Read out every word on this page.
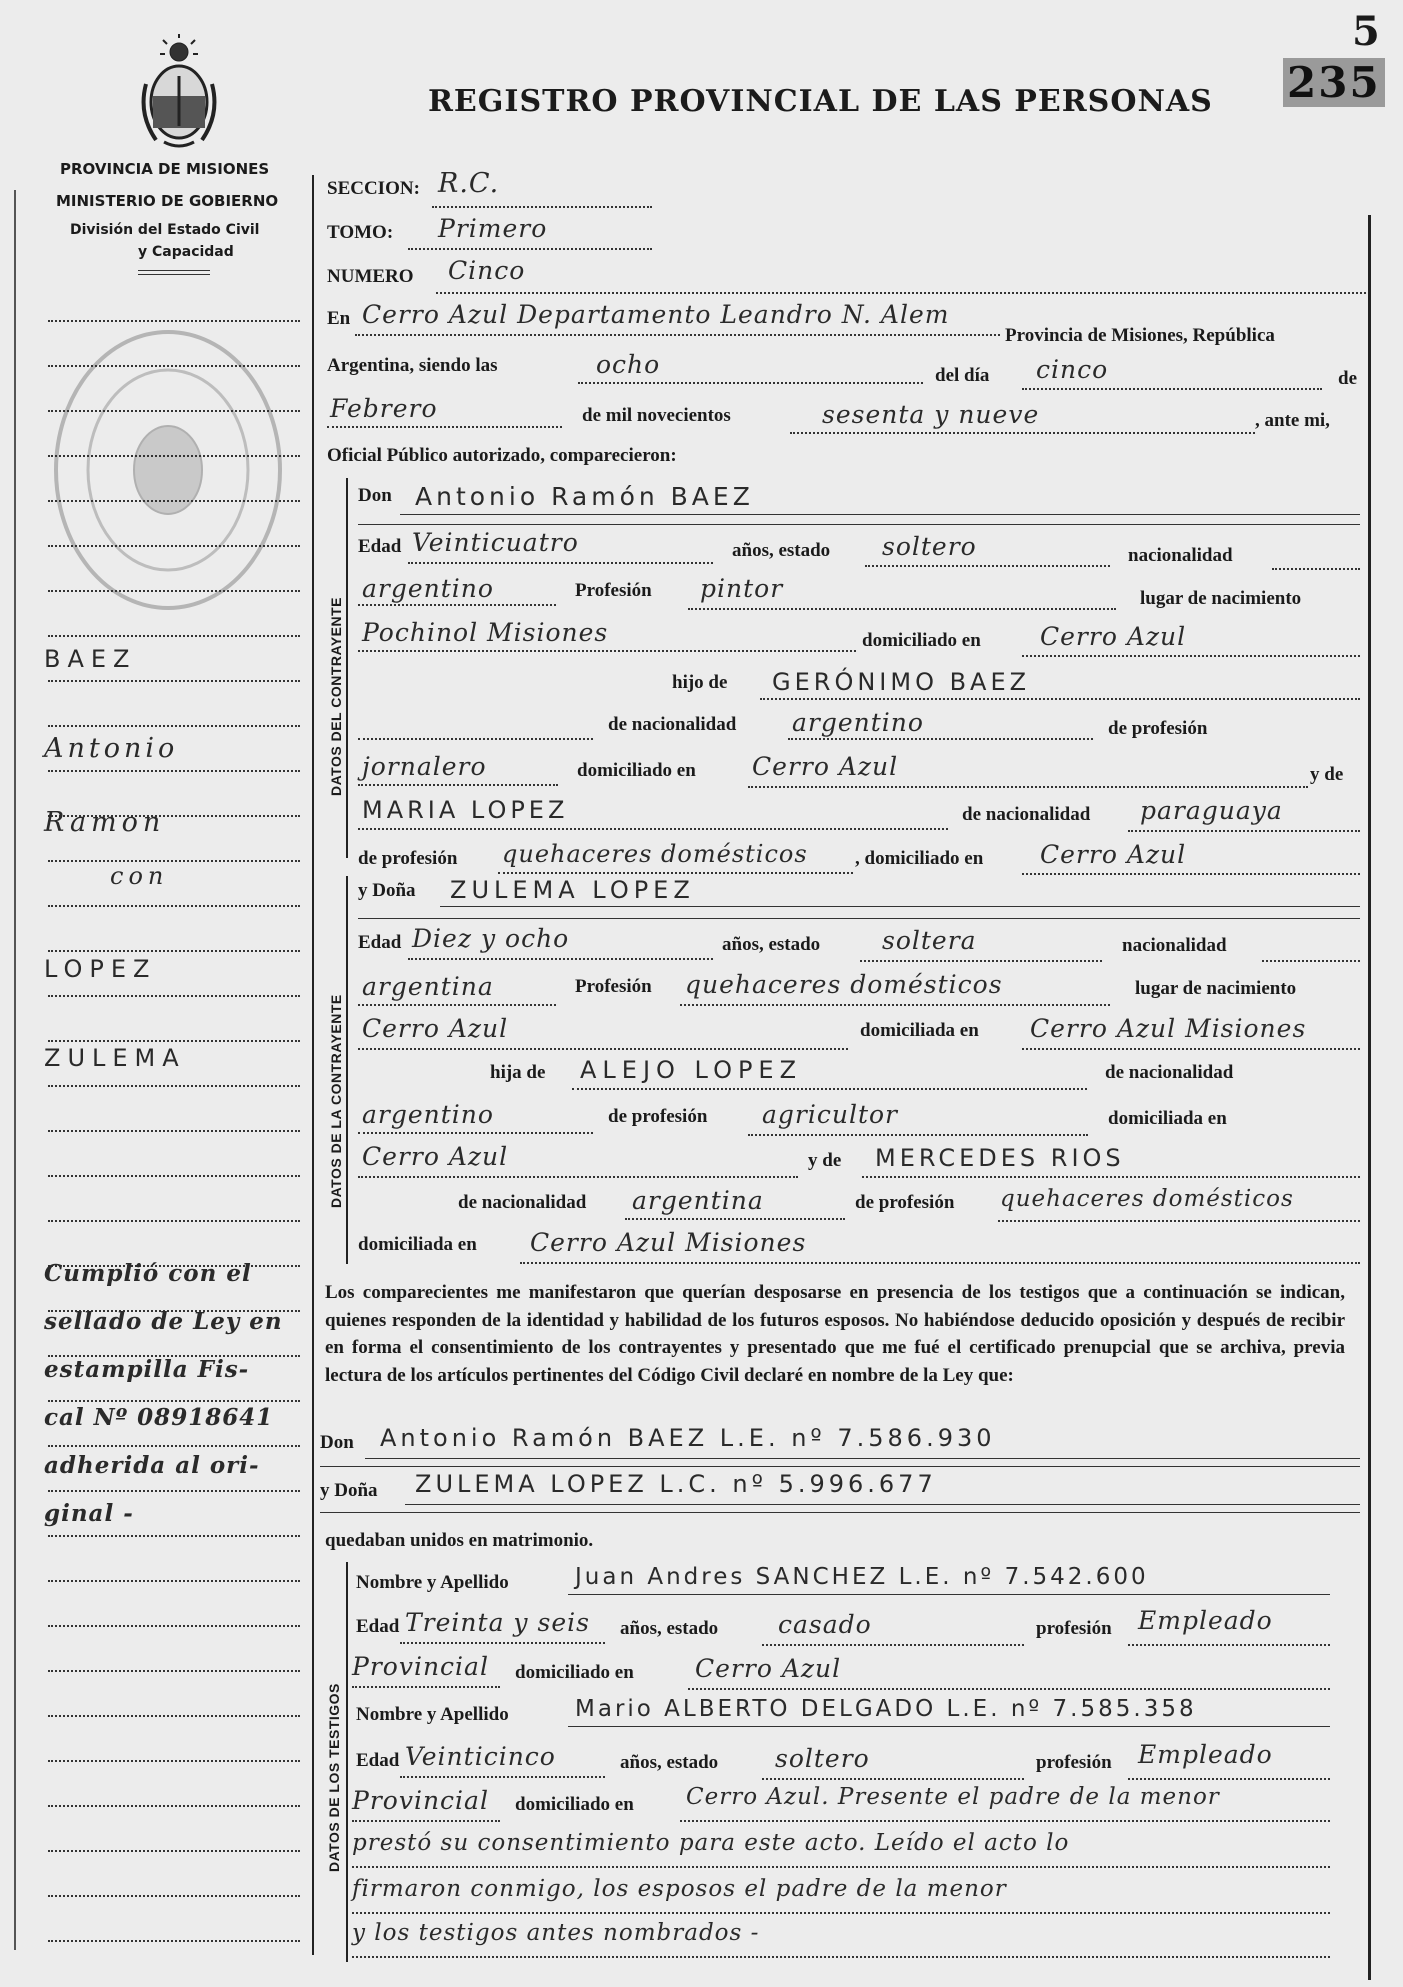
5
235
REGISTRO PROVINCIAL DE LAS PERSONAS
PROVINCIA DE MISIONES
MINISTERIO DE GOBIERNO
División del Estado Civil
y Capacidad
BAEZ
Antonio
Ramon
con
LOPEZ
ZULEMA
Cumplió con el
sellado de Ley en
estampilla Fis-
cal Nº 08918641
adherida al ori-
ginal -
SECCION: R.C.
TOMO: Primero
NUMERO Cinco
En Cerro Azul Departamento Leandro N. Alem
Provincia de Misiones, República
Argentina, siendo las	ocho	del día cinco	de
Febrero	de mil novecientos	sesenta y nueve	, ante mi,
Oficial Público autorizado, comparecieron:
DATOS DEL CONTRAYENTE
Don Antonio Ramón BAEZ
Edad Veinticuatro	años, estado soltero	nacionalidad
argentino	Profesión pintor	lugar de nacimiento
Pochinol Misiones	domiciliado en Cerro Azul
hijo de GERÓNIMO BAEZ
de nacionalidad argentino	de profesión
jornalero	domiciliado en Cerro Azul	y de
MARIA LOPEZ	de nacionalidad paraguaya
de profesión quehaceres domésticos , domiciliado en Cerro Azul
DATOS DE LA CONTRAYENTE
y Doña ZULEMA LOPEZ
Edad Diez y ocho	años, estado soltera	nacionalidad
argentina	Profesión quehaceres domésticos	lugar de nacimiento
Cerro Azul	domiciliada en Cerro Azul Misiones
hija de ALEJO LOPEZ	de nacionalidad
argentino	de profesión agricultor	domiciliada en
Cerro Azul	y de MERCEDES RIOS
de nacionalidad argentina	de profesión quehaceres domésticos
domiciliada en Cerro Azul Misiones
Los comparecientes me manifestaron que querían desposarse en presencia de los testigos que a continuación se indican, quienes responden de la identidad y habilidad de los futuros esposos. No habiéndose deducido oposición y después de recibir en forma el consentimiento de los contrayentes y presentado que me fué el certificado prenupcial que se archiva, previa lectura de los artículos pertinentes del Código Civil declaré en nombre de la Ley que:
Don Antonio Ramón BAEZ L.E. nº 7.586.930
y Doña ZULEMA LOPEZ L.C. nº 5.996.677
quedaban unidos en matrimonio.
DATOS DE LOS TESTIGOS
Nombre y Apellido	Juan Andres SANCHEZ L.E. nº 7.542.600
Edad Treinta y seis años, estado casado	profesión Empleado
Provincial domiciliado en Cerro Azul
Nombre y Apellido	Mario ALBERTO DELGADO L.E. nº 7.585.358
Edad Veinticinco	años, estado soltero	profesión Empleado
Provincial domiciliado en Cerro Azul. Presente el padre de la menor
prestó su consentimiento para este acto. Leído el acto lo
firmaron conmigo, los esposos el padre de la menor
y los testigos antes nombrados -
